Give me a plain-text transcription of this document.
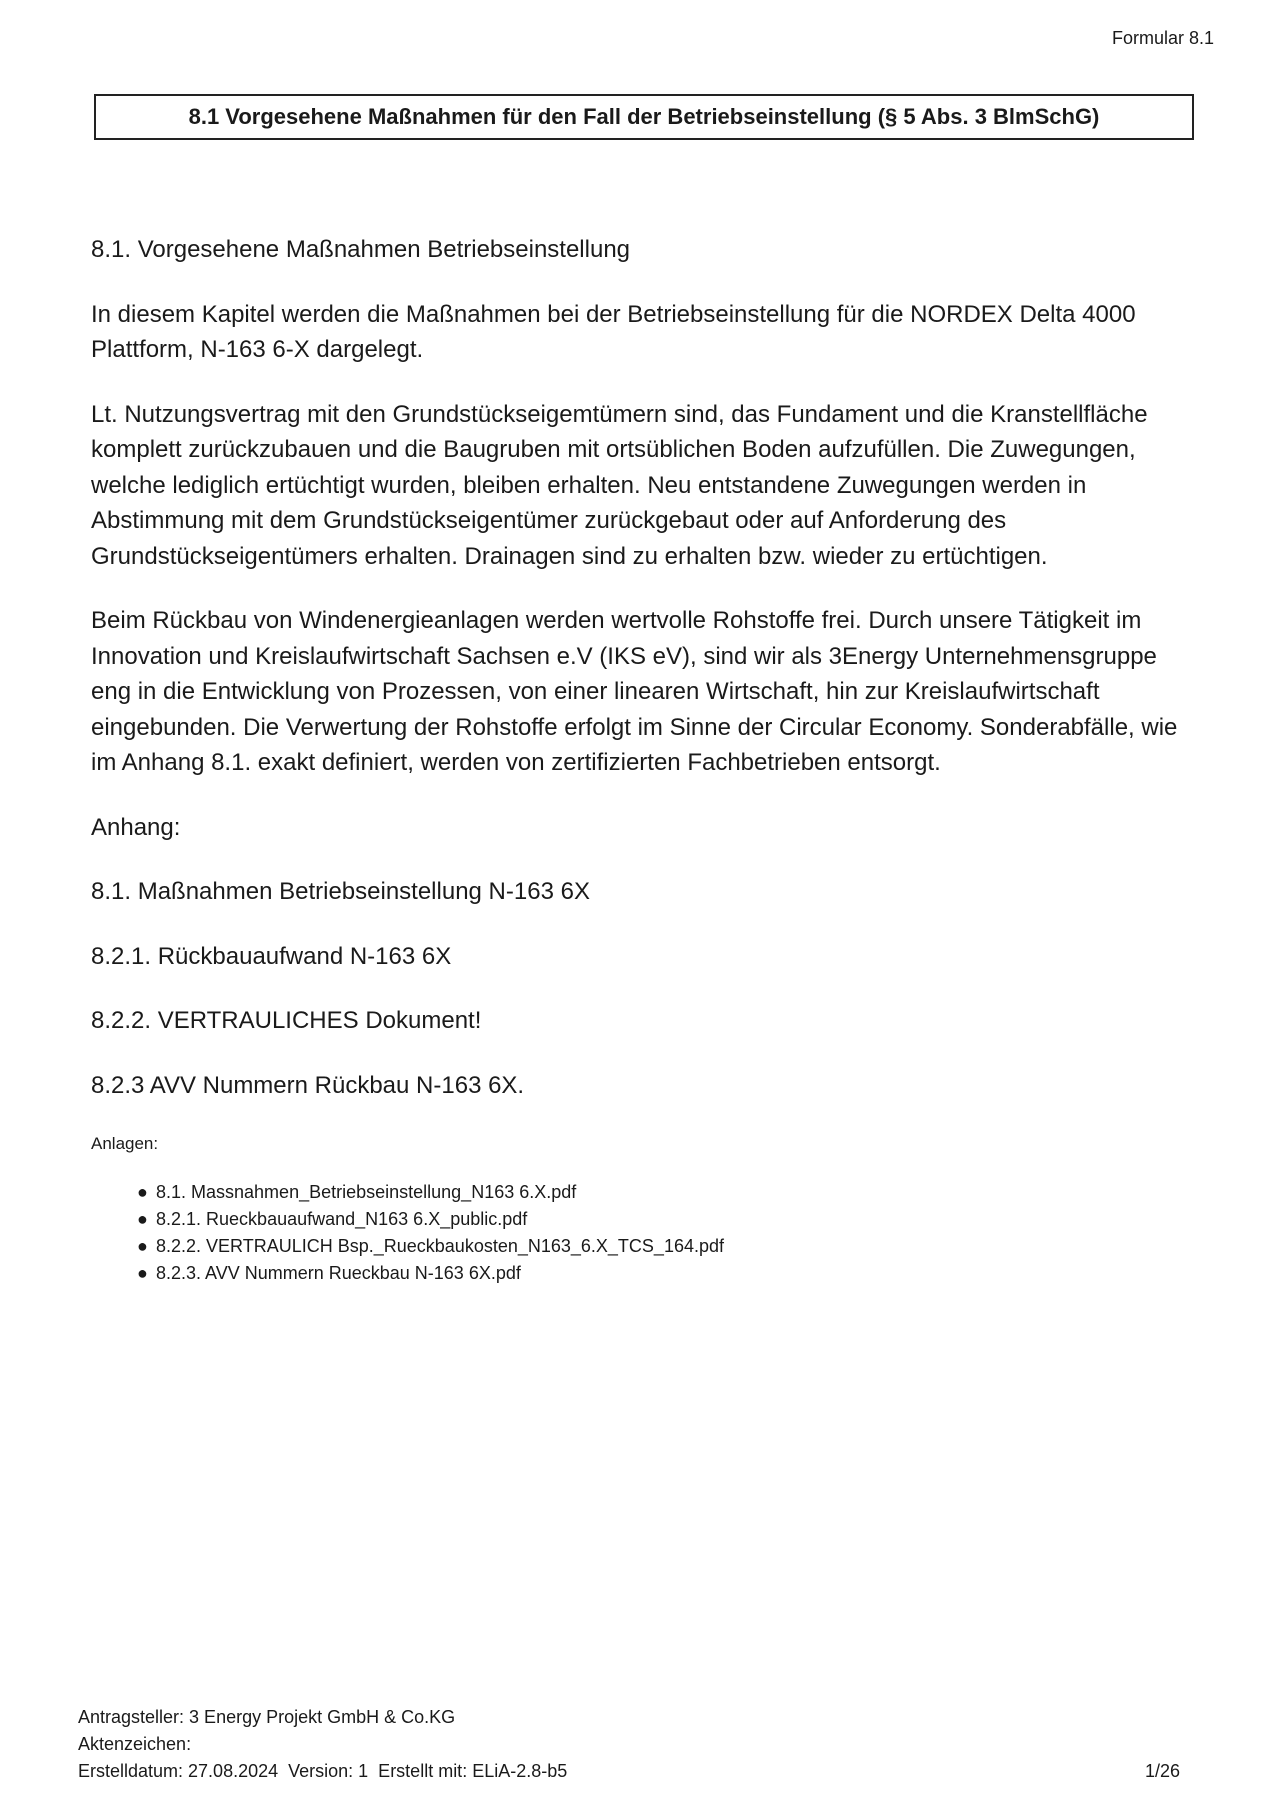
Formular 8.1
8.1 Vorgesehene Maßnahmen für den Fall der Betriebseinstellung (§ 5 Abs. 3 BlmSchG)

8.1. Vorgesehene Maßnahmen Betriebseinstellung

In diesem Kapitel werden die Maßnahmen bei der Betriebseinstellung für die NORDEX Delta 4000 Plattform, N-163 6-X dargelegt.

Lt. Nutzungsvertrag mit den Grundstückseigemtümern sind, das Fundament und die Kranstellfläche komplett zurückzubauen und die Baugruben mit ortsüblichen Boden aufzufüllen. Die Zuwegungen, welche lediglich ertüchtigt wurden, bleiben erhalten. Neu entstandene Zuwegungen werden in Abstimmung mit dem Grundstückseigentümer zurückgebaut oder auf Anforderung des Grundstückseigentümers erhalten. Drainagen sind zu erhalten bzw. wieder zu ertüchtigen.

Beim Rückbau von Windenergieanlagen werden wertvolle Rohstoffe frei. Durch unsere Tätigkeit im Innovation und Kreislaufwirtschaft Sachsen e.V (IKS eV), sind wir als 3Energy Unternehmensgruppe eng in die Entwicklung von Prozessen, von einer linearen Wirtschaft, hin zur Kreislaufwirtschaft eingebunden. Die Verwertung der Rohstoffe erfolgt im Sinne der Circular Economy. Sonderabfälle, wie im Anhang 8.1. exakt definiert, werden von zertifizierten Fachbetrieben entsorgt.

Anhang:

8.1. Maßnahmen Betriebseinstellung N-163 6X

8.2.1. Rückbauaufwand N-163 6X

8.2.2. VERTRAULICHES Dokument!

8.2.3 AVV Nummern Rückbau N-163 6X.

Anlagen:
● 8.1. Massnahmen_Betriebseinstellung_N163 6.X.pdf
● 8.2.1. Rueckbauaufwand_N163 6.X_public.pdf
● 8.2.2. VERTRAULICH Bsp._Rueckbaukosten_N163_6.X_TCS_164.pdf
● 8.2.3. AVV Nummern Rueckbau N-163 6X.pdf
Antragsteller: 3 Energy Projekt GmbH & Co.KG
Aktenzeichen:
Erstelldatum: 27.08.2024  Version: 1  Erstellt mit: ELiA-2.8-b5	1/26
